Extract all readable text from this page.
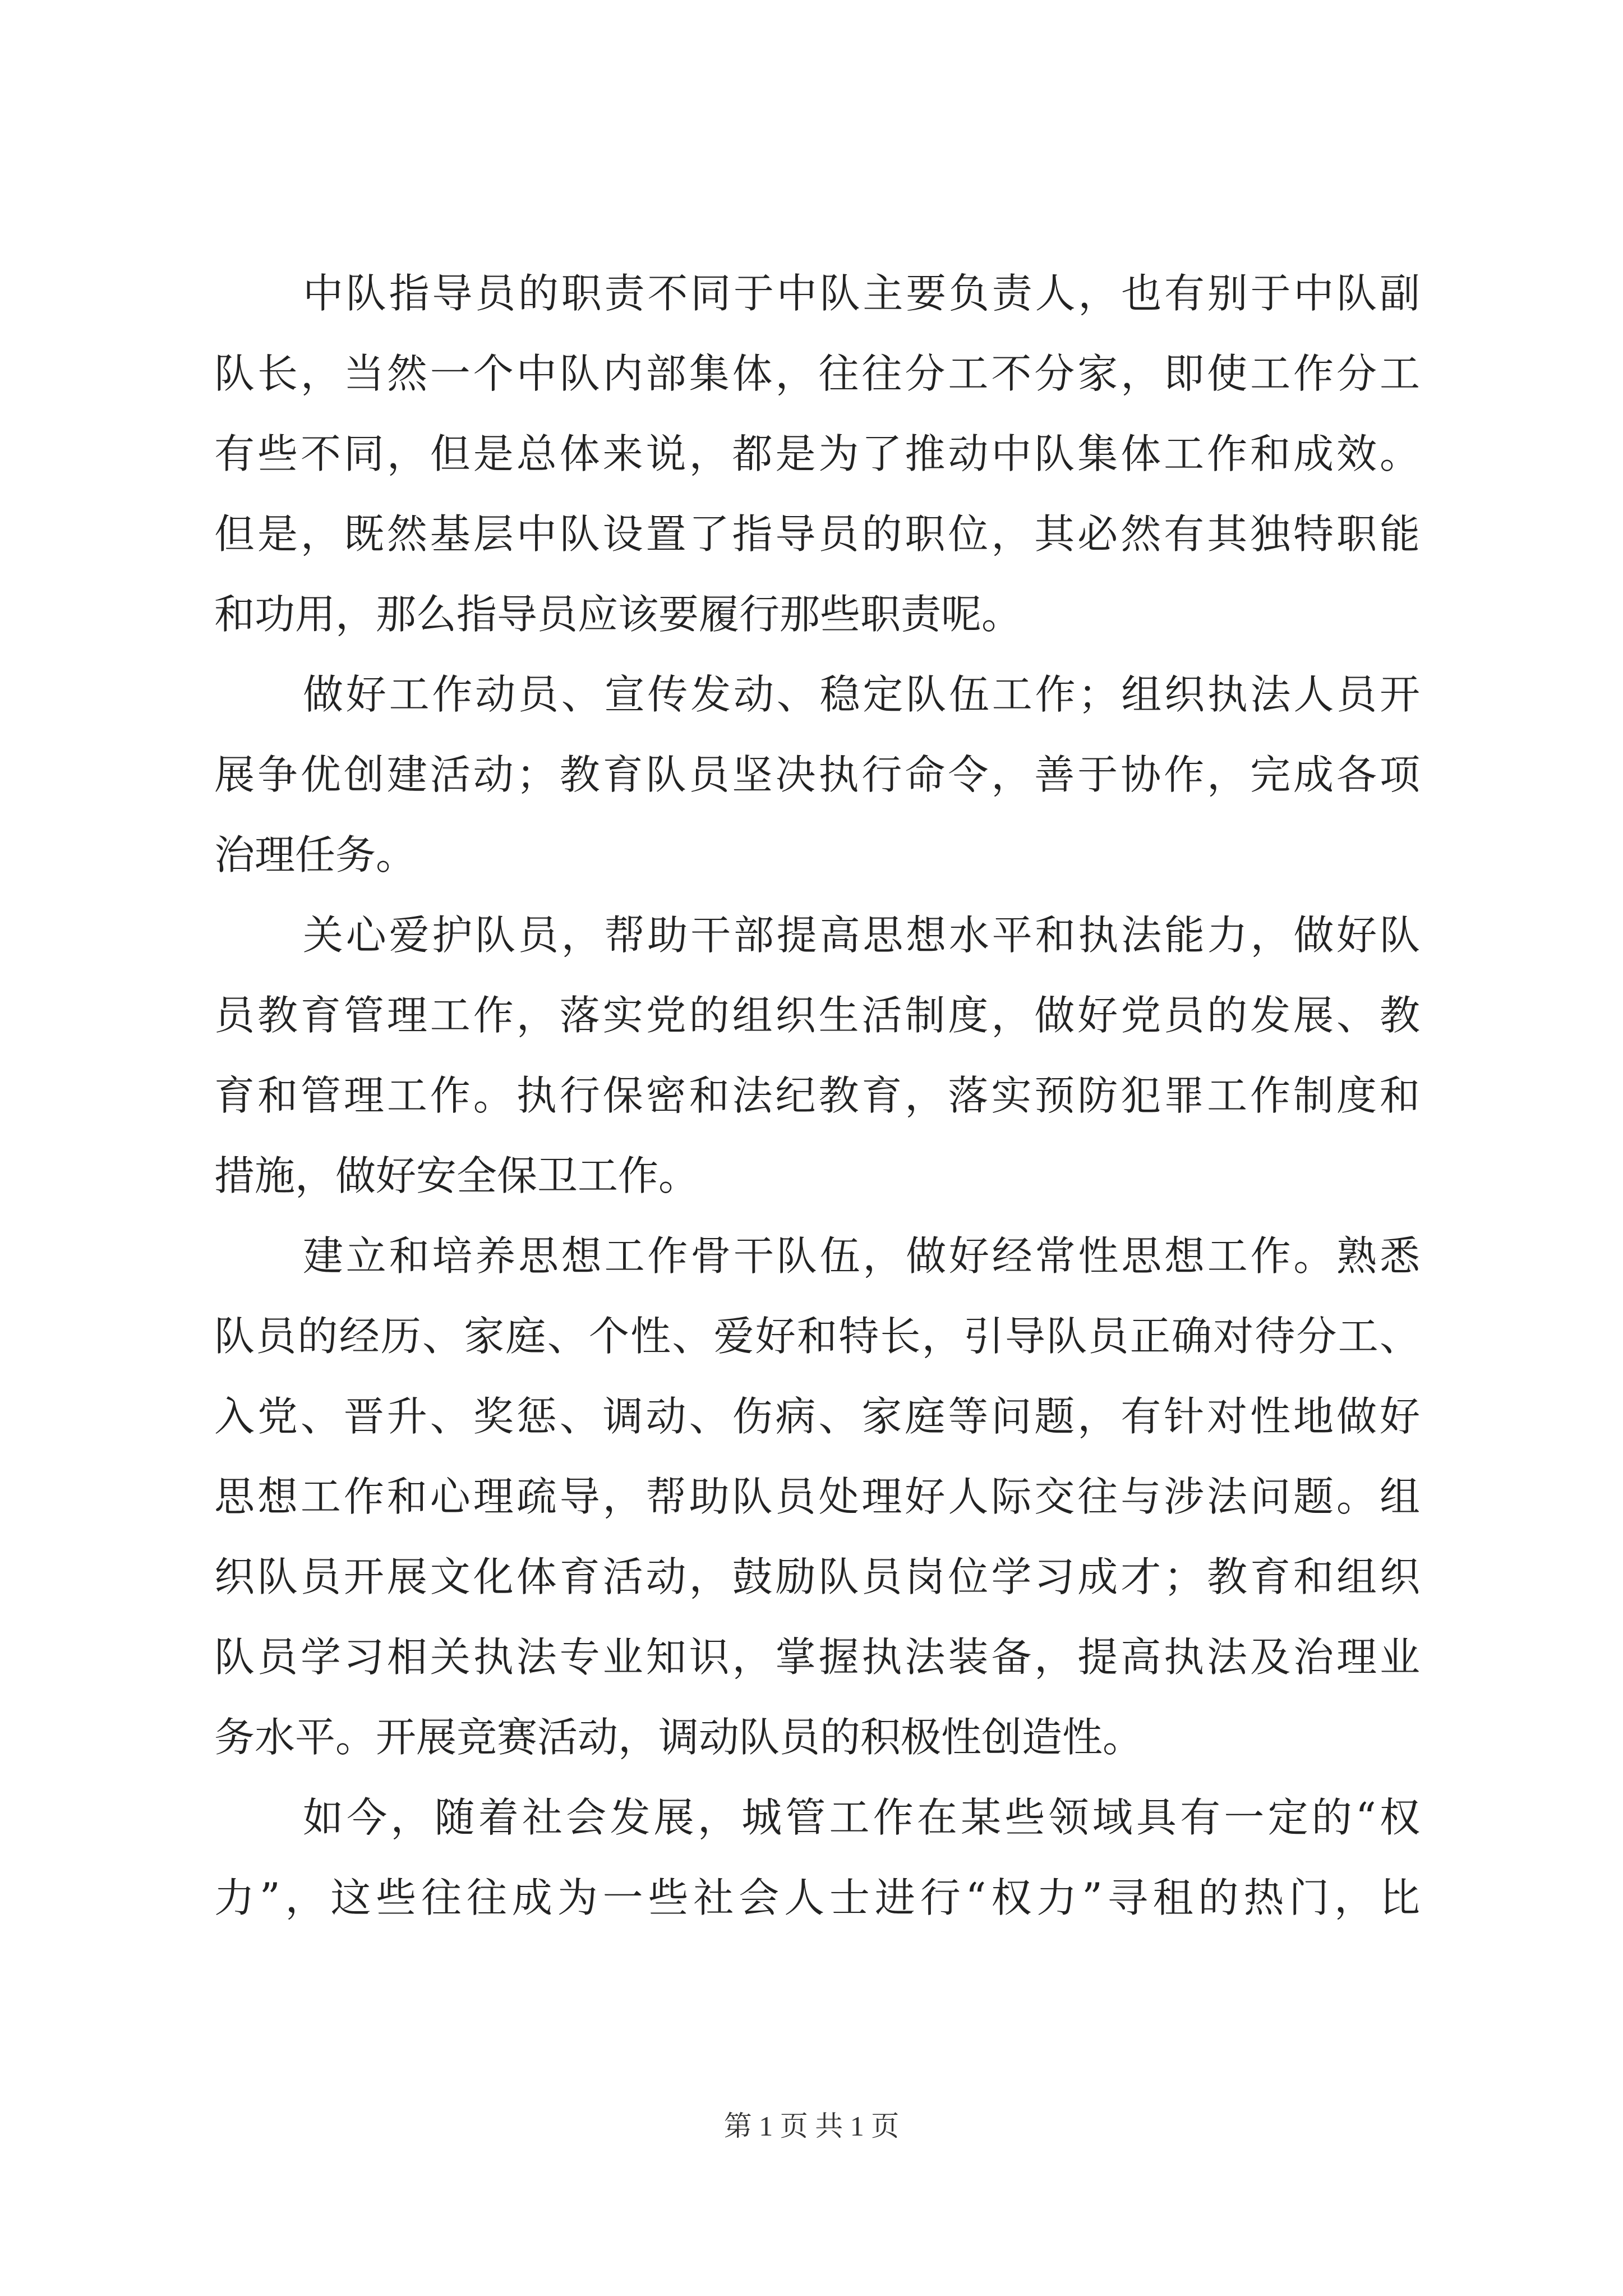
中队指导员的职责不同于中队主要负责人，也有别于中队副
队长，当然一个中队内部集体，往往分工不分家，即使工作分工
有些不同，但是总体来说，都是为了推动中队集体工作和成效。
但是，既然基层中队设置了指导员的职位，其必然有其独特职能
和功用，那么指导员应该要履行那些职责呢。
做好工作动员、宣传发动、稳定队伍工作；组织执法人员开
展争优创建活动；教育队员坚决执行命令，善于协作，完成各项
治理任务。
关心爱护队员，帮助干部提高思想水平和执法能力，做好队
员教育管理工作，落实党的组织生活制度，做好党员的发展、教
育和管理工作。执行保密和法纪教育，落实预防犯罪工作制度和
措施，做好安全保卫工作。
建立和培养思想工作骨干队伍，做好经常性思想工作。熟悉
队员的经历、家庭、个性、爱好和特长，引导队员正确对待分工、
入党、晋升、奖惩、调动、伤病、家庭等问题，有针对性地做好
思想工作和心理疏导，帮助队员处理好人际交往与涉法问题。组
织队员开展文化体育活动，鼓励队员岗位学习成才；教育和组织
队员学习相关执法专业知识，掌握执法装备，提高执法及治理业
务水平。开展竞赛活动，调动队员的积极性创造性。
如今，随着社会发展，城管工作在某些领域具有一定的“权
力”，这些往往成为一些社会人士进行“权力”寻租的热门，比
第 1 页 共 1 页
